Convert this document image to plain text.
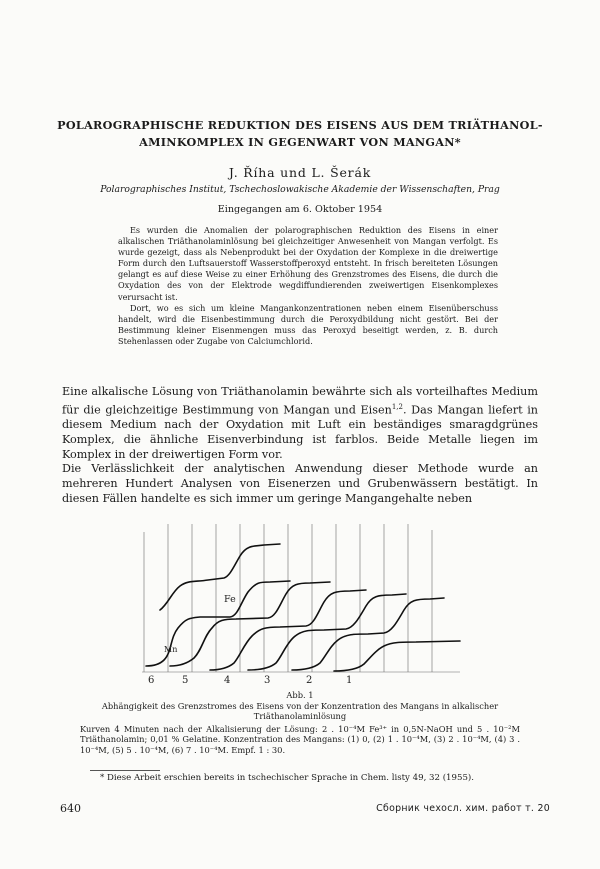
POLAROGRAPHISCHE REDUKTION DES EISENS AUS DEM TRIÄTHANOL-
AMINKOMPLEX IN GEGENWART VON MANGAN*

J. Říha und L. Šerák

Polarographisches Institut, Tschechoslowakische Akademie der Wissenschaften, Prag

Eingegangen am 6. Oktober 1954

Es wurden die Anomalien der polarographischen Reduktion des Eisens in einer alkalischen Triäthanolaminlösung bei gleichzeitiger Anwesenheit von Mangan verfolgt. Es wurde gezeigt, dass als Nebenprodukt bei der Oxydation der Komplexe in die dreiwertige Form durch den Luftsauerstoff Wasserstoffperoxyd entsteht. In frisch bereiteten Lösungen gelangt es auf diese Weise zu einer Erhöhung des Grenzstromes des Eisens, die durch die Oxydation des von der Elektrode wegdiffundierenden zweiwertigen Eisenkomplexes verursacht ist.

Dort, wo es sich um kleine Mangankonzentrationen neben einem Eisenüberschuss handelt, wird die Eisenbestimmung durch die Peroxydbildung nicht gestört. Bei der Bestimmung kleiner Eisenmengen muss das Peroxyd beseitigt werden, z. B. durch Stehenlassen oder Zugabe von Calciumchlorid.

Eine alkalische Lösung von Triäthanolamin bewährte sich als vorteilhaftes Medium für die gleichzeitige Bestimmung von Mangan und Eisen$^{1,2}$. Das Mangan liefert in diesem Medium nach der Oxydation mit Luft ein beständiges smaragdgrünes Komplex, die ähnliche Eisenverbindung ist farblos. Beide Metalle liegen im Komplex in der dreiwertigen Form vor.

Die Verlässlichkeit der analytischen Anwendung dieser Methode wurde an mehreren Hundert Analysen von Eisenerzen und Grubenwässern bestätigt. In diesen Fällen handelte es sich immer um geringe Mangangehalte neben

Fe
Mn
6	5	4	3	2	1

Abb. 1

Abhängigkeit des Grenzstromes des Eisens von der Konzentration des Mangans in alkalischer Triäthanolaminlösung

Kurven 4 Minuten nach der Alkalisierung der Lösung: 2 . 10⁻⁴M Fe³⁺ in 0,5N-NaOH und 5 . 10⁻²M Triäthanolamin; 0,01 % Gelatine. Konzentration des Mangans: (1) 0, (2) 1 . 10⁻⁴M, (3) 2 . 10⁻⁴M, (4) 3 . 10⁻⁴M, (5) 5 . 10⁻⁴M, (6) 7 . 10⁻⁴M. Empf. 1 : 30.

* Diese Arbeit erschien bereits in tschechischer Sprache in Chem. listy 49, 32 (1955).

640	Сборник чехосл. хим. работ т. 20
